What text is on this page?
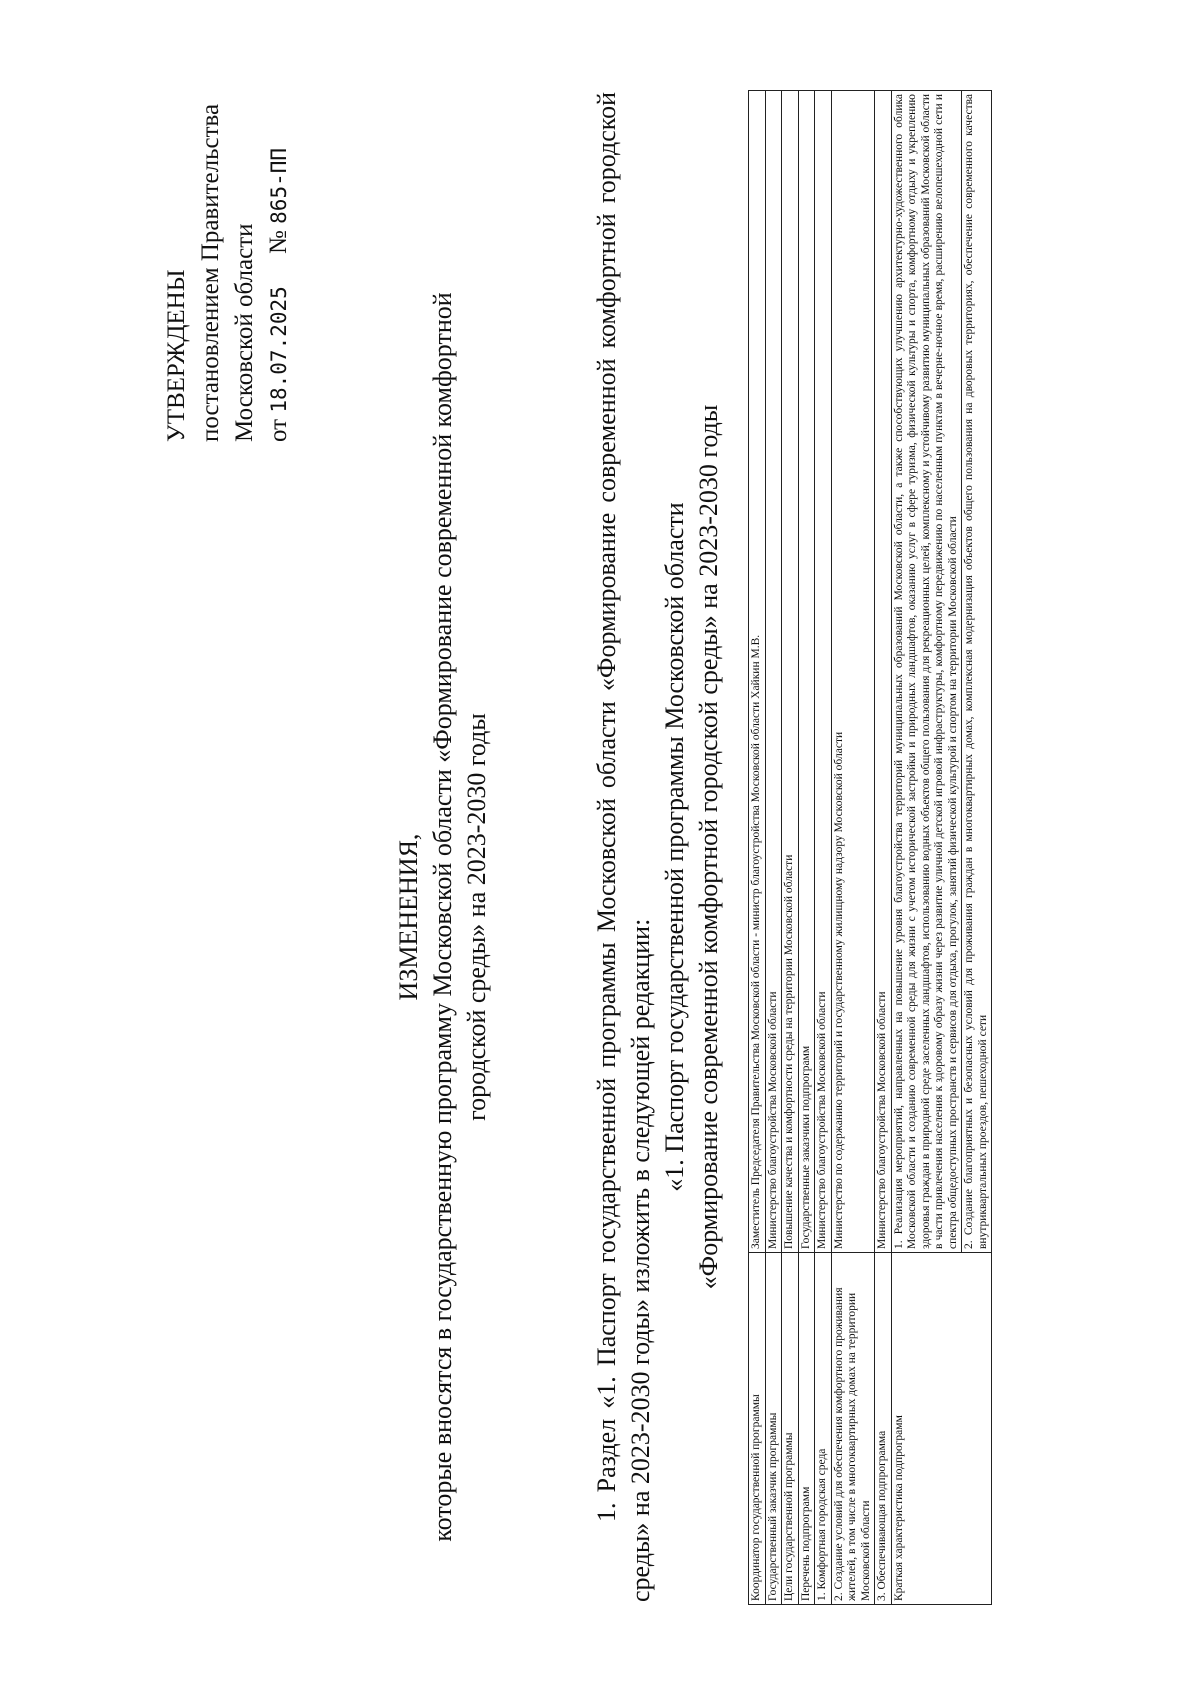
УТВЕРЖДЕНЫ постановлением Правительства Московской области от 18.07.2025 № 865-ПП
ИЗМЕНЕНИЯ, которые вносятся в государственную программу Московской области «Формирование современной комфортной городской среды» на 2023-2030 годы	1. Раздел «1. Паспорт государственной программы Московской области «Формирование современной комфортной городской среды» на 2023-2030 годы» изложить в следующей редакции:
«1. Паспорт государственной программы Московской области «Формирование современной комфортной городской среды» на 2023-2030 годы
Координатор государственной программы	Заместитель Председателя Правительства Московской области - министр благоустройства Московской области Хайкин М.В.
Государственный заказчик программы	Министерство благоустройства Московской области
Цели государственной программы	Повышение качества и комфортности среды на территории Московской области
Перечень подпрограмм	Государственные заказчики подпрограмм
1. Комфортная городская среда	Министерство благоустройства Московской области
2. Создание условий для обеспечения комфортного проживания жителей, в том числе в многоквартирных домах на территории Московской области	Министерство по содержанию территорий и государственному жилищному надзору Московской области
3. Обеспечивающая подпрограмма	Министерство благоустройства Московской области
Краткая характеристика подпрограмм	1. Реализация мероприятий, направленных на повышение уровня благоустройства территорий муниципальных образований Московской области, а также способствующих улучшению архитектурно-художественного облика Московской области и созданию современной среды для жизни с учетом исторической застройки и природных ландшафтов, оказанию услуг в сфере туризма, физической культуры и спорта, комфортному отдыху и укреплению здоровья граждан в природной среде заселенных ландшафтов, использованию водных объектов общего пользования для рекреационных целей, комплексному и устойчивому развитию муниципальных образований Московской области в части привлечения населения к здоровому образу жизни через развитие уличной детской игровой инфраструктуры, комфортному передвижению по населенным пунктам в вечерне-ночное время, расширению велопешеходной сети и спектра общедоступных пространств и сервисов для отдыха, прогулок, занятий физической культурой и спортом на территории Московской области

	2. Создание благоприятных и безопасных условий для проживания граждан в многоквартирных домах, комплексная модернизация объектов общего пользования на дворовых территориях, обеспечение современного качества внутриквартальных проездов, пешеходной сети
